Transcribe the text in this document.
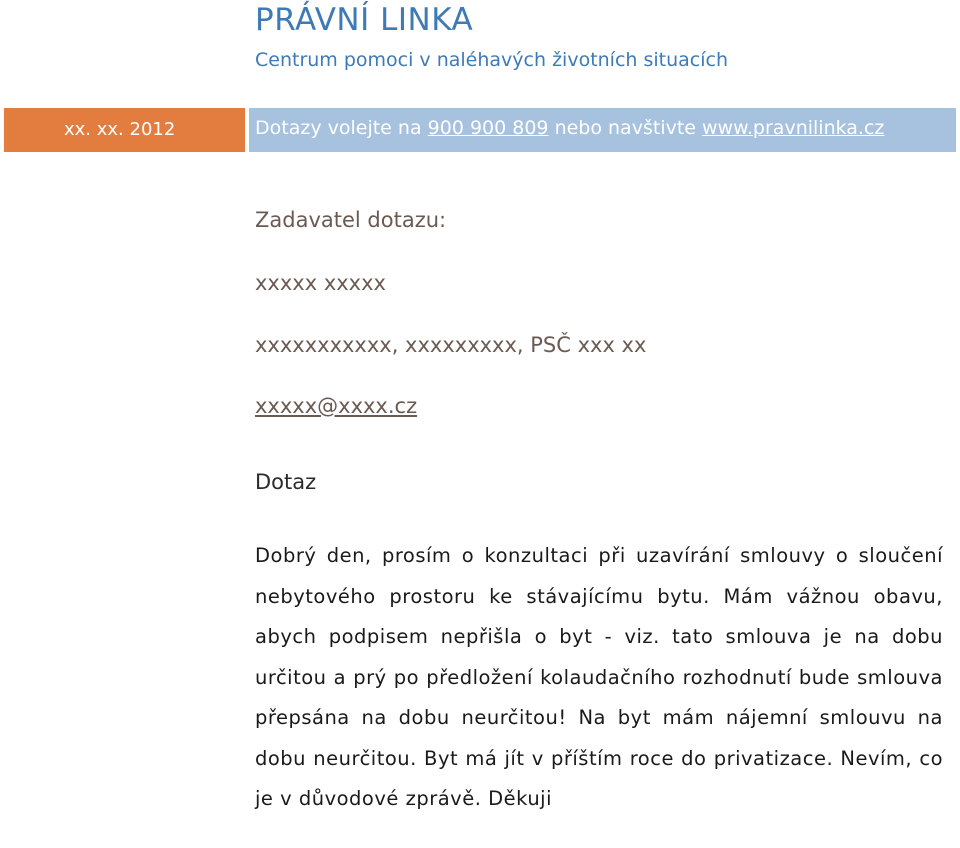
PRÁVNÍ LINKA
Centrum pomoci v naléhavých životních situacích
xx. xx. 2012	Dotazy volejte na 900 900 809 nebo navštivte www.pravnilinka.cz
Zadavatel dotazu:
xxxxx xxxxx
xxxxxxxxxxx, xxxxxxxxx, PSČ xxx xx
xxxxx@xxxx.cz
Dotaz
Dobrý den, prosím o konzultaci při uzavírání smlouvy o sloučení nebytového prostoru ke stávajícímu bytu. Mám vážnou obavu, abych podpisem nepřišla o byt - viz. tato smlouva je na dobu určitou a prý po předložení kolaudačního rozhodnutí bude smlouva přepsána na dobu neurčitou! Na byt mám nájemní smlouvu na dobu neurčitou. Byt má jít v příštím roce do privatizace. Nevím, co je v důvodové zprávě. Děkuji
